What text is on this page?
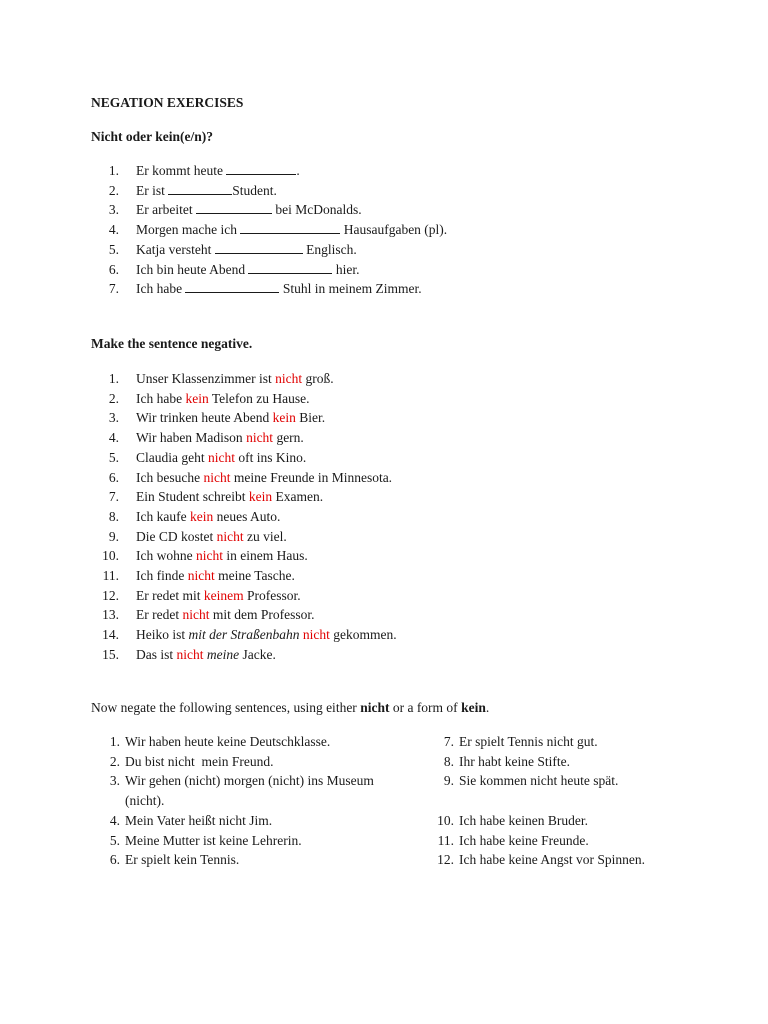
NEGATION EXERCISES
Nicht oder kein(e/n)?
1 . Er kommt heute	.
2 . Er ist	Student.
3 . Er arbeitet	bei McDonalds.
4 . Morgen mache ich	Hausaufgaben (pl).
5 . Katja versteht	Englisch.
6 . Ich bin heute Abend	hier.
7 . Ich habe	Stuhl in meinem Zimmer.
Make the sentence negative.
1 . Unser Klassenzimmer ist nicht groß.
2 . Ich habe kein Telefon zu Hause.
3 . Wir trinken heute Abend kein Bier.
4 . Wir haben Madison nicht gern.
5 . Claudia geht nicht oft ins Kino.
6 . Ich besuche nicht meine Freunde in Minnesota.
7 . Ein Student schreibt kein Examen.
8 . Ich kaufe kein neues Auto.
9 . Die CD kostet nicht zu viel.
10 . Ich wohne nicht in einem Haus.
11 . Ich finde nicht meine Tasche.
12 . Er redet mit keinem Professor.
13 . Er redet nicht mit dem Professor.
14 . Heiko ist mit der Straßenbahn nicht gekommen.
15 . Das ist nicht meine Jacke.
Now negate the following sentences, using either nicht or a form of kein.
1 . Wir haben heute keine Deutschklasse.
2 . Du bist nicht  mein Freund.
3 . Wir gehen (nicht) morgen (nicht) ins Museum (nicht).
4 . Mein Vater heißt nicht Jim.
5 . Meine Mutter ist keine Lehrerin.
6 . Er spielt kein Tennis.
7 . Er spielt Tennis nicht gut.
8 . Ihr habt keine Stifte.
9 . Sie kommen nicht heute spät.
10 . Ich habe keinen Bruder.
11 . Ich habe keine Freunde.
12 . Ich habe keine Angst vor Spinnen.
